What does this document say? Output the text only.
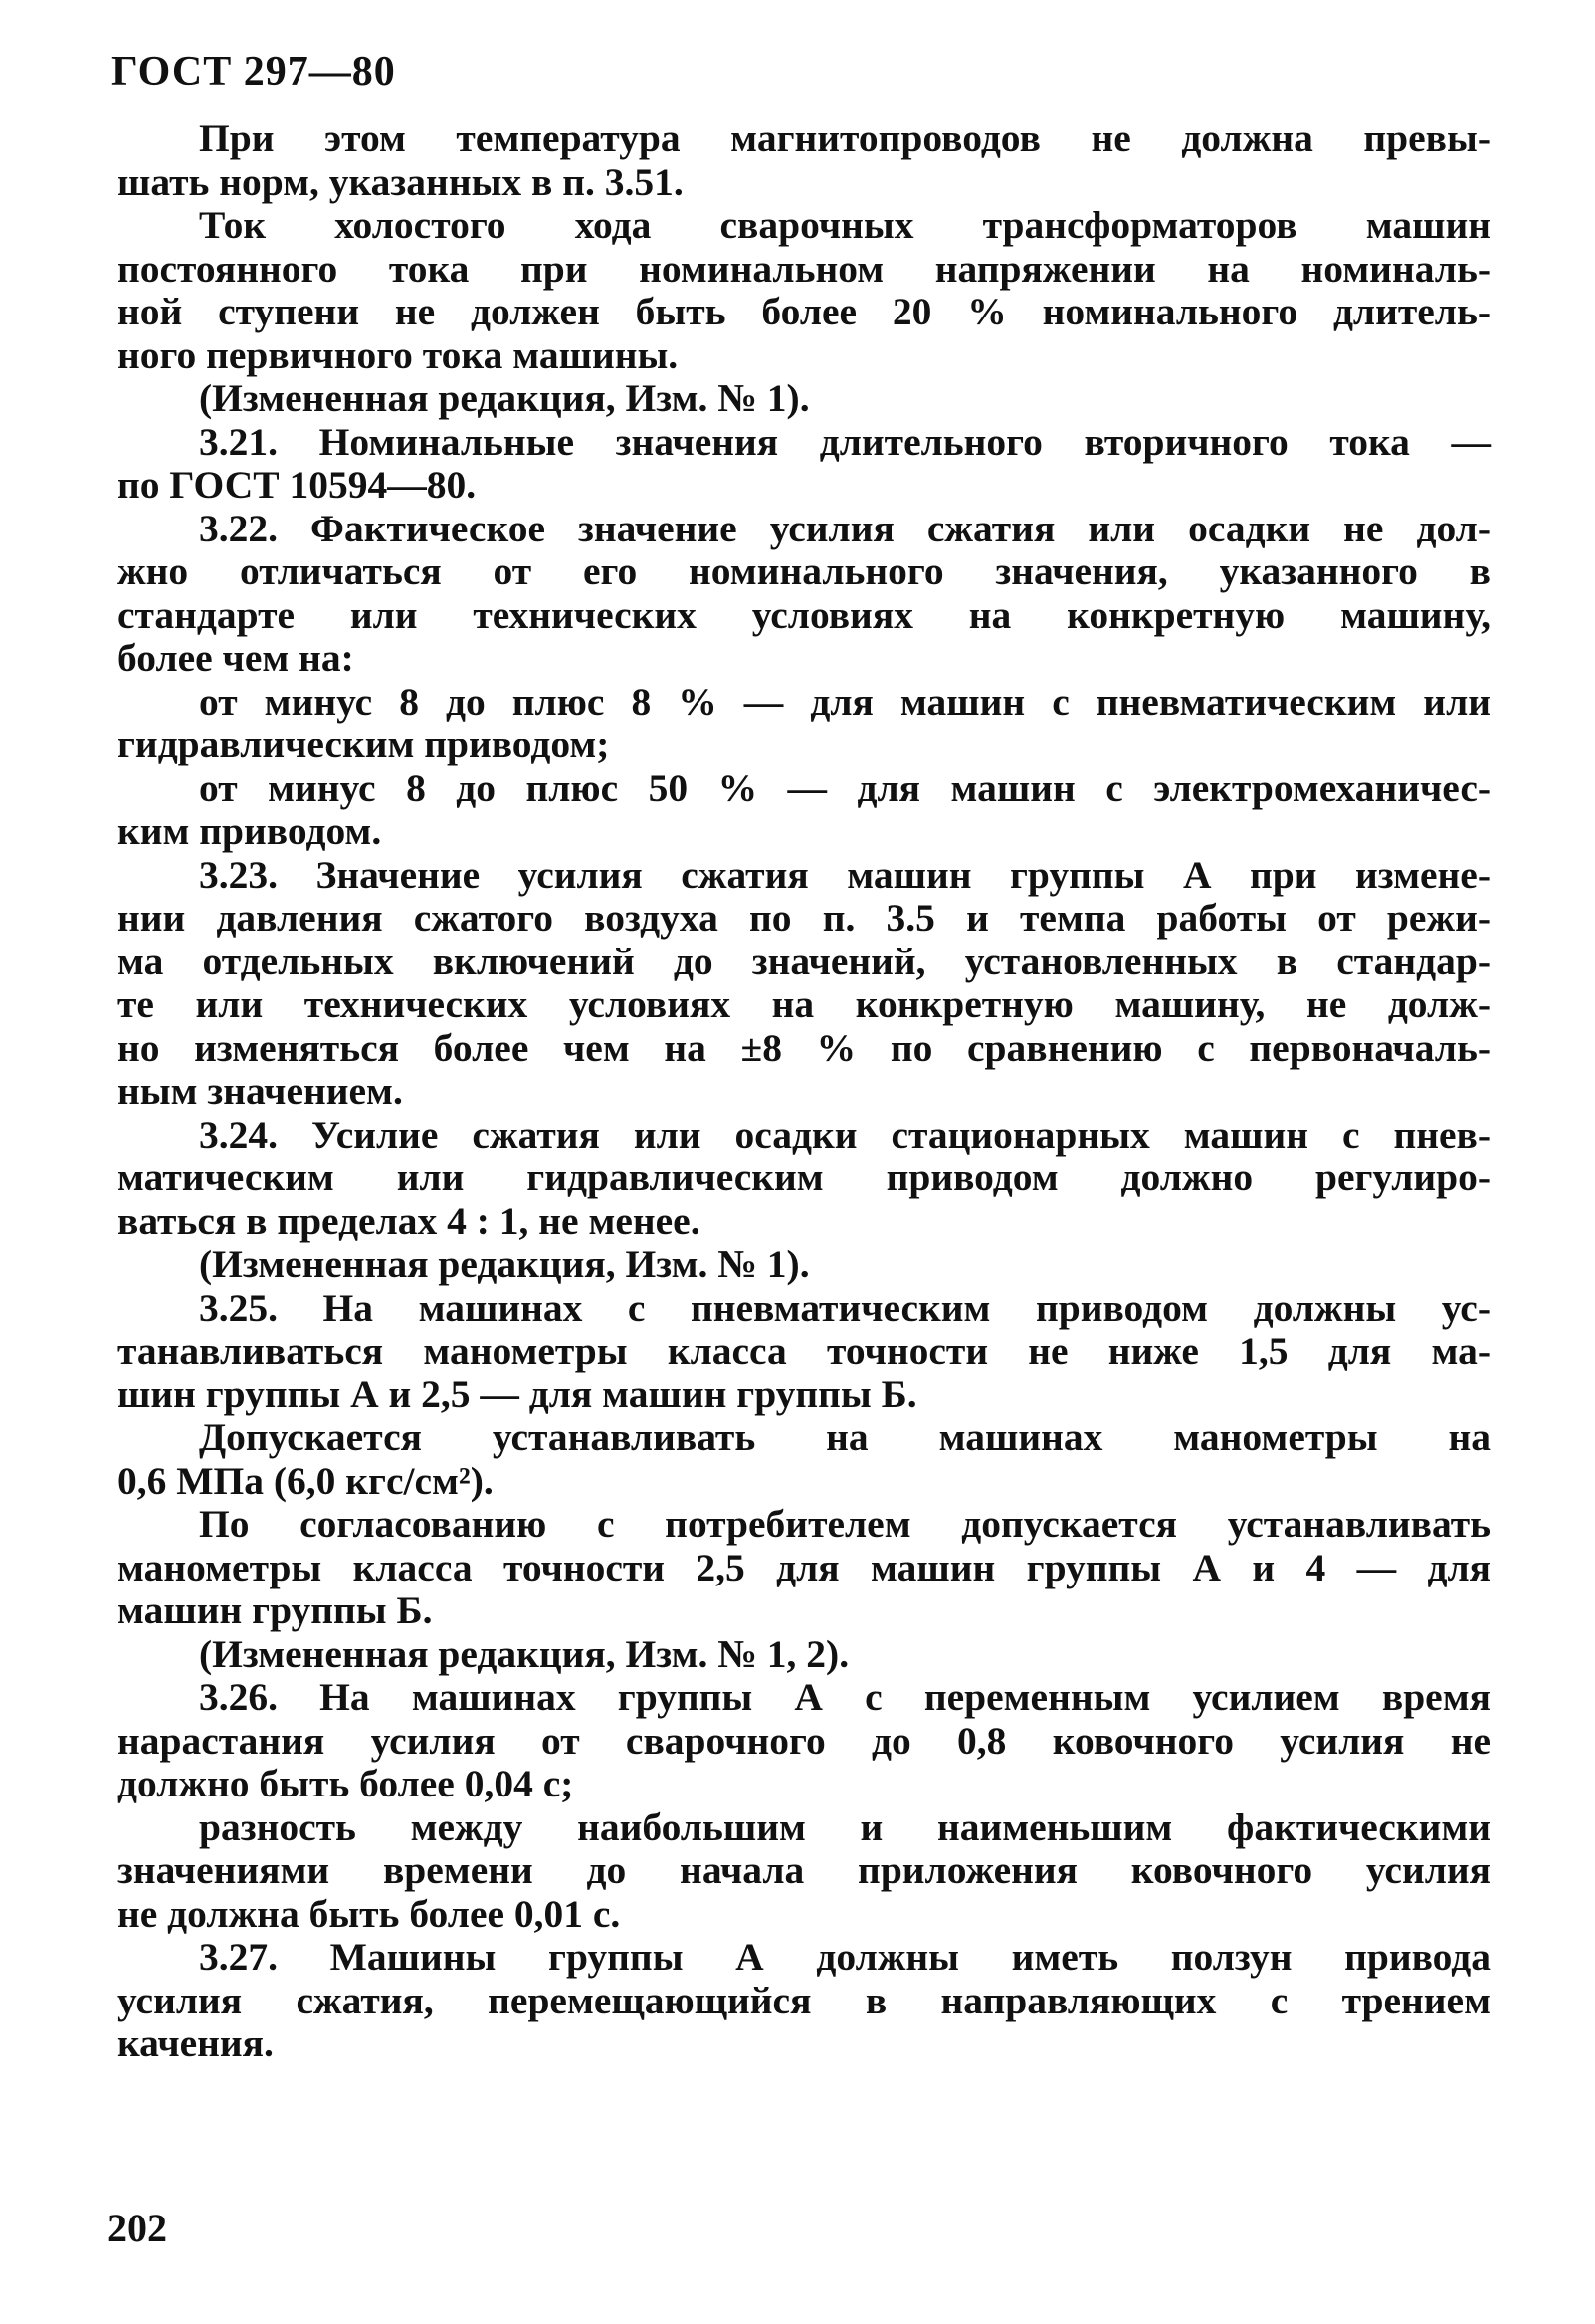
ГОСТ 297—80
При этом температура магнитопроводов не должна превы-
шать норм, указанных в п. 3.51.
Ток холостого хода сварочных трансформаторов машин
постоянного тока при номинальном напряжении на номиналь-
ной ступени не должен быть более 20 % номинального длитель-
ного первичного тока машины.
(Измененная редакция, Изм. № 1).
3.21. Номинальные значения длительного вторичного тока —
по ГОСТ 10594—80.
3.22. Фактическое значение усилия сжатия или осадки не дол-
жно отличаться от его номинального значения, указанного в
стандарте или технических условиях на конкретную машину,
более чем на:
от минус 8 до плюс 8 % — для машин с пневматическим или
гидравлическим приводом;
от минус 8 до плюс 50 % — для машин с электромеханичес-
ким приводом.
3.23. Значение усилия сжатия машин группы А при измене-
нии давления сжатого воздуха по п. 3.5 и темпа работы от режи-
ма отдельных включений до значений, установленных в стандар-
те или технических условиях на конкретную машину, не долж-
но изменяться более чем на ±8 % по сравнению с первоначаль-
ным значением.
3.24. Усилие сжатия или осадки стационарных машин с пнев-
матическим или гидравлическим приводом должно регулиро-
ваться в пределах 4 : 1, не менее.
(Измененная редакция, Изм. № 1).
3.25. На машинах с пневматическим приводом должны ус-
танавливаться манометры класса точности не ниже 1,5 для ма-
шин группы А и 2,5 — для машин группы Б.
Допускается устанавливать на машинах манометры на
0,6 МПа (6,0 кгс/см²).
По согласованию с потребителем допускается устанавливать
манометры класса точности 2,5 для машин группы А и 4 — для
машин группы Б.
(Измененная редакция, Изм. № 1, 2).
3.26. На машинах группы А с переменным усилием время
нарастания усилия от сварочного до 0,8 ковочного усилия не
должно быть более 0,04 с;
разность между наибольшим и наименьшим фактическими
значениями времени до начала приложения ковочного усилия
не должна быть более 0,01 с.
3.27. Машины группы А должны иметь ползун привода
усилия сжатия, перемещающийся в направляющих с трением
качения.
202
